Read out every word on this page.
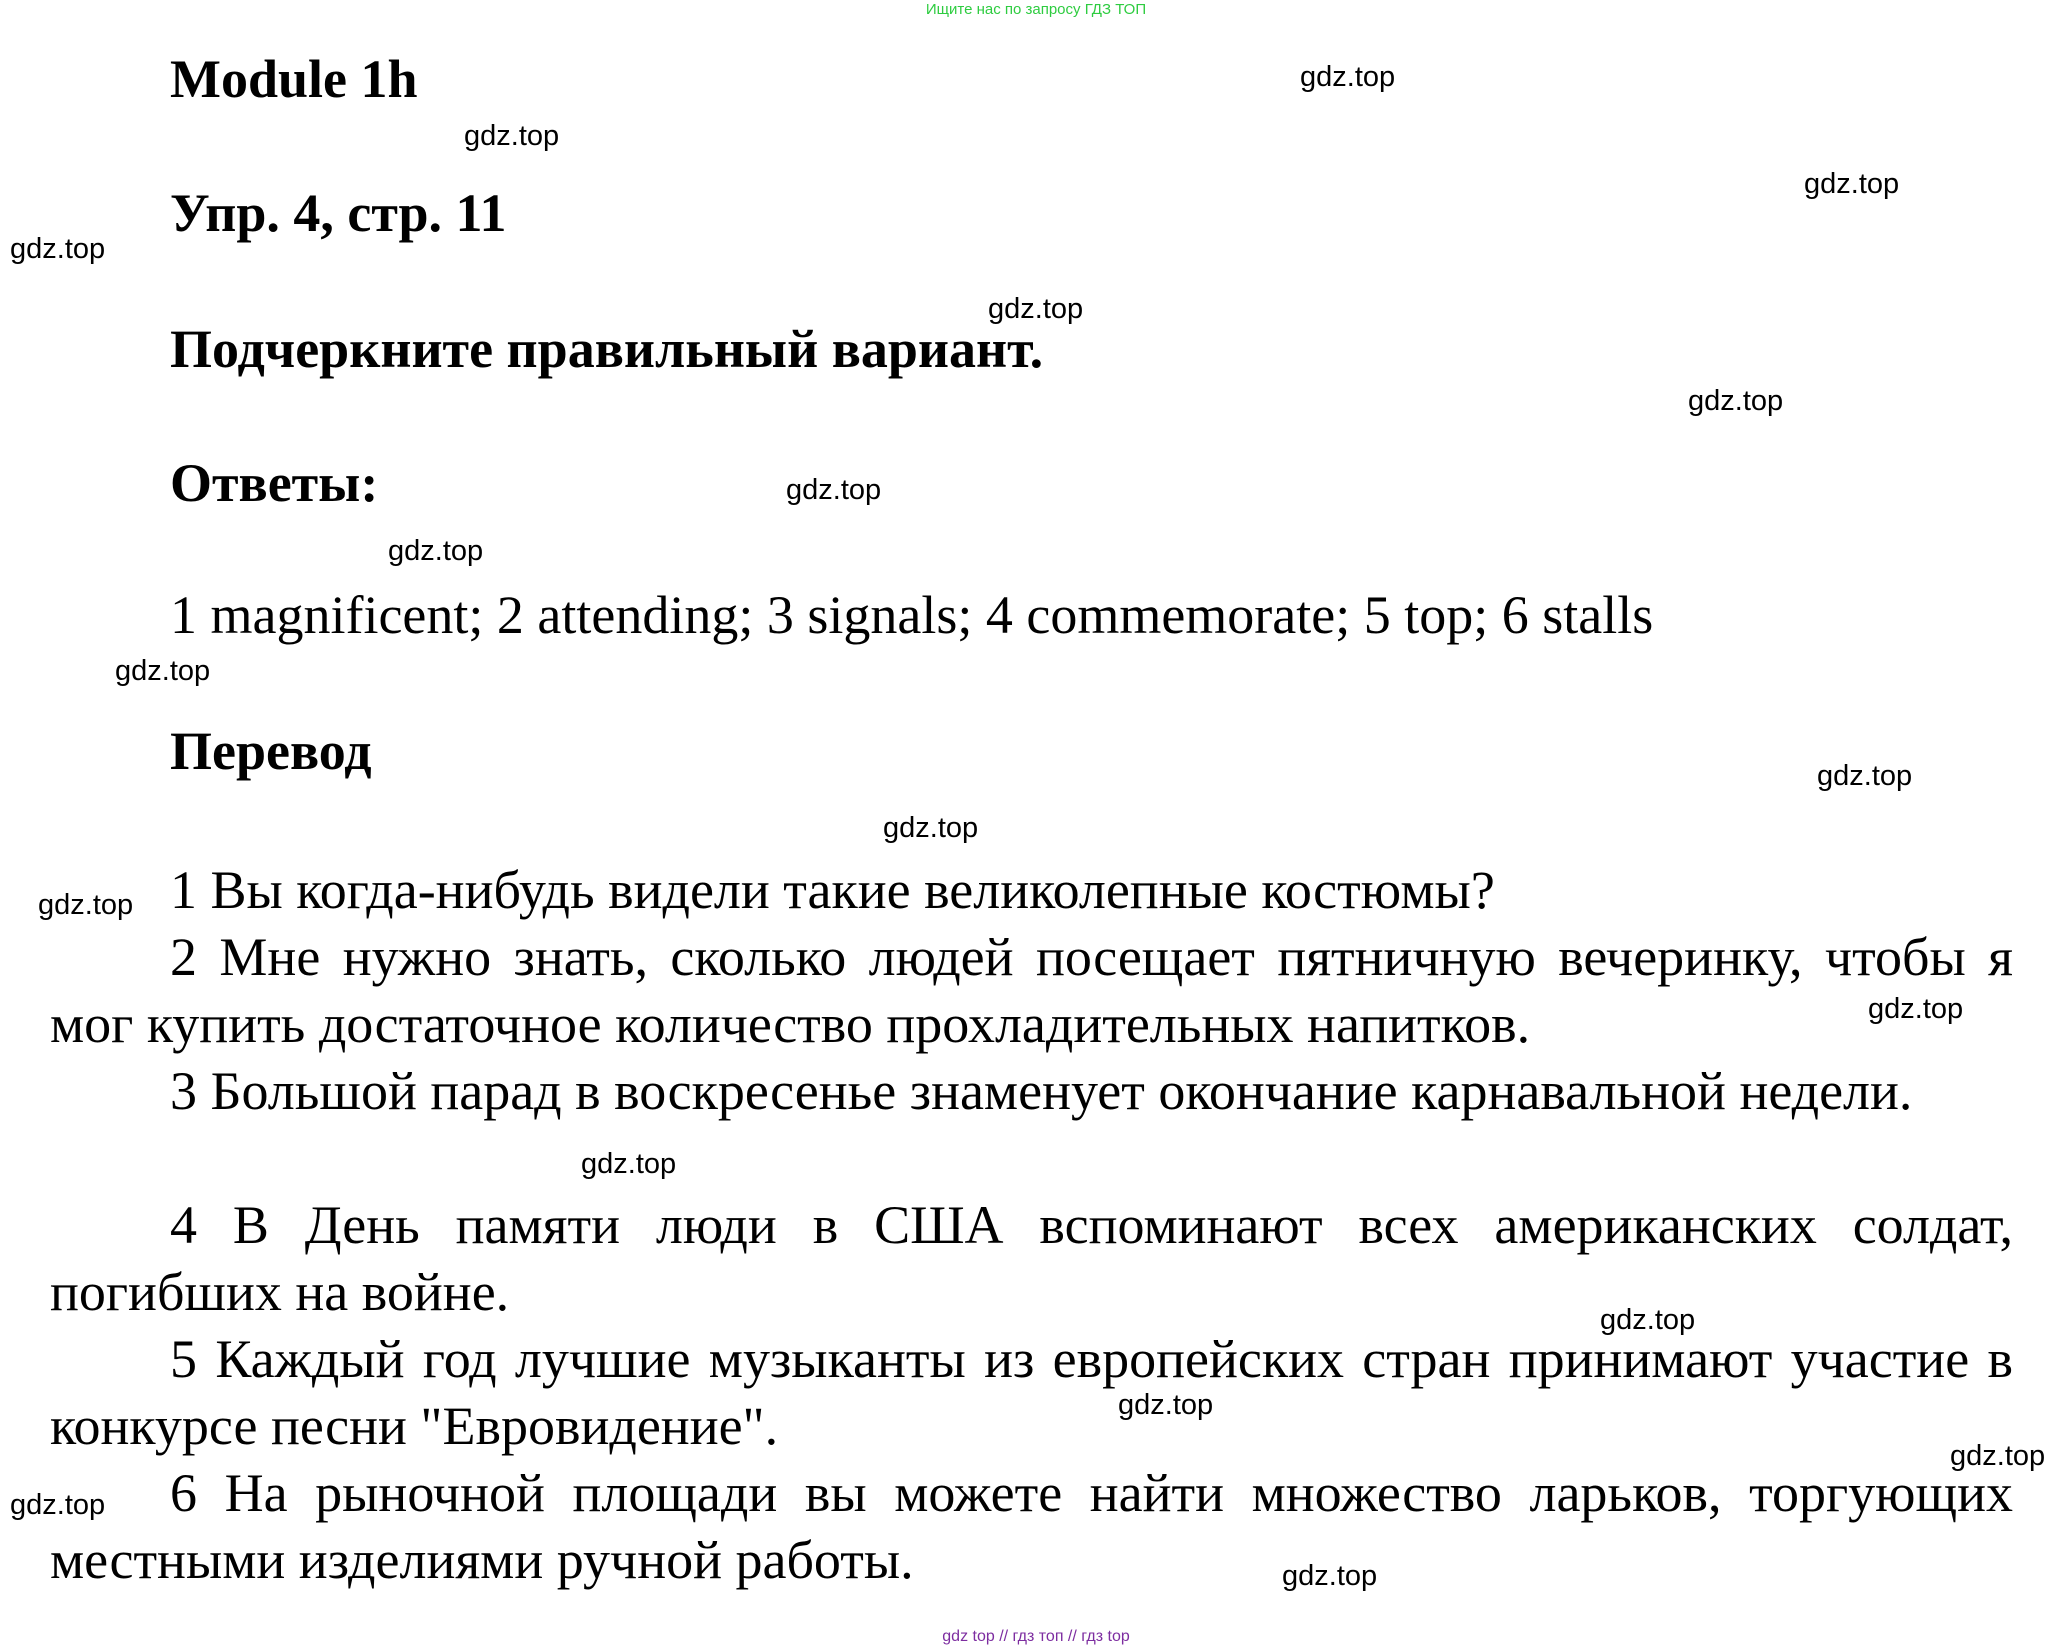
Ищите нас по запросу ГДЗ ТОП
Module 1h
Упр. 4, стр. 11
Подчеркните правильный вариант.
Ответы:
1 magnificent; 2 attending; 3 signals; 4 commemorate; 5 top; 6 stalls
Перевод
1 Вы когда-нибудь видели такие великолепные костюмы?
2 Мне нужно знать, сколько людей посещает пятничную вечеринку, чтобы я мог купить достаточное количество прохладительных напитков.
3 Большой парад в воскресенье знаменует окончание карнавальной недели.
4 В День памяти люди в США вспоминают всех американских солдат, погибших на войне.
5 Каждый год лучшие музыканты из европейских стран принимают участие в конкурсе песни "Евровидение".
6 На рыночной площади вы можете найти множество ларьков, торгующих местными изделиями ручной работы.
gdz.top
gdz.top
gdz.top
gdz.top
gdz.top
gdz.top
gdz.top
gdz.top
gdz.top
gdz.top
gdz.top
gdz.top
gdz.top
gdz.top
gdz.top
gdz.top
gdz.top
gdz.top
gdz.top
gdz top // гдз топ // гдз top
